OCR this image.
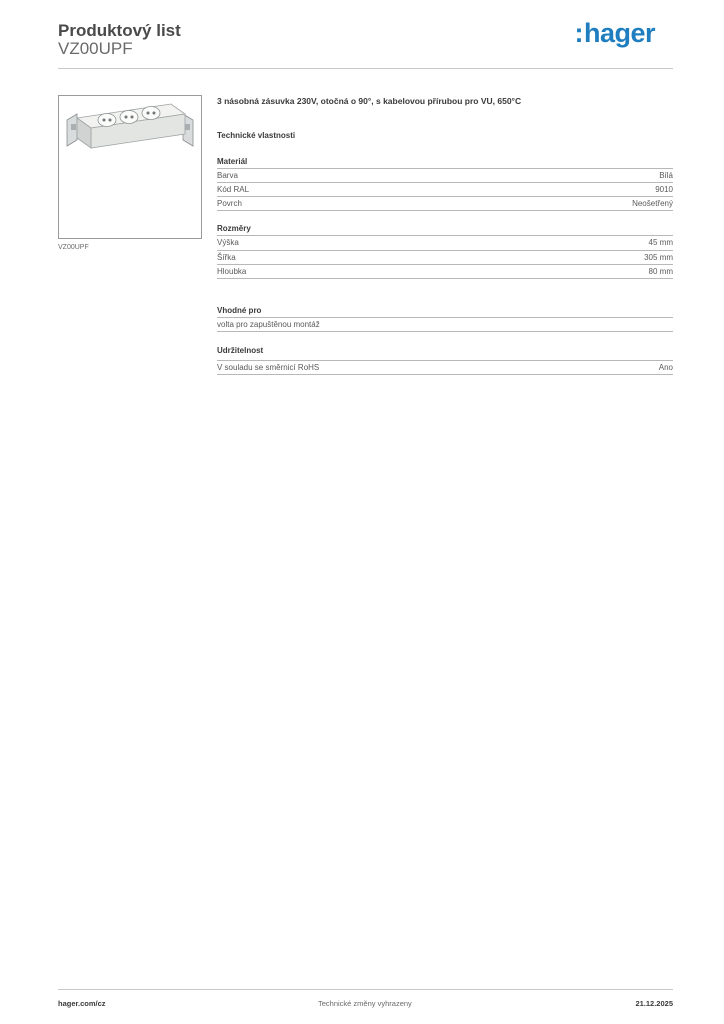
Produktový list
VZ00UPF
:hager
VZ00UPF
3 násobná zásuvka 230V, otočná o 90°, s kabelovou přírubou pro VU, 650°C
Technické vlastnosti
Materiál
Barva	Bílá
Kód RAL	9010
Povrch	Neošetřený
Rozměry
Výška	45 mm
Šířka	305 mm
Hloubka	80 mm
Vhodné pro
volta pro zapuštěnou montáž
Udržitelnost
V souladu se směrnicí RoHS	Ano
hager.com/cz	Technické změny vyhrazeny	21.12.2025
